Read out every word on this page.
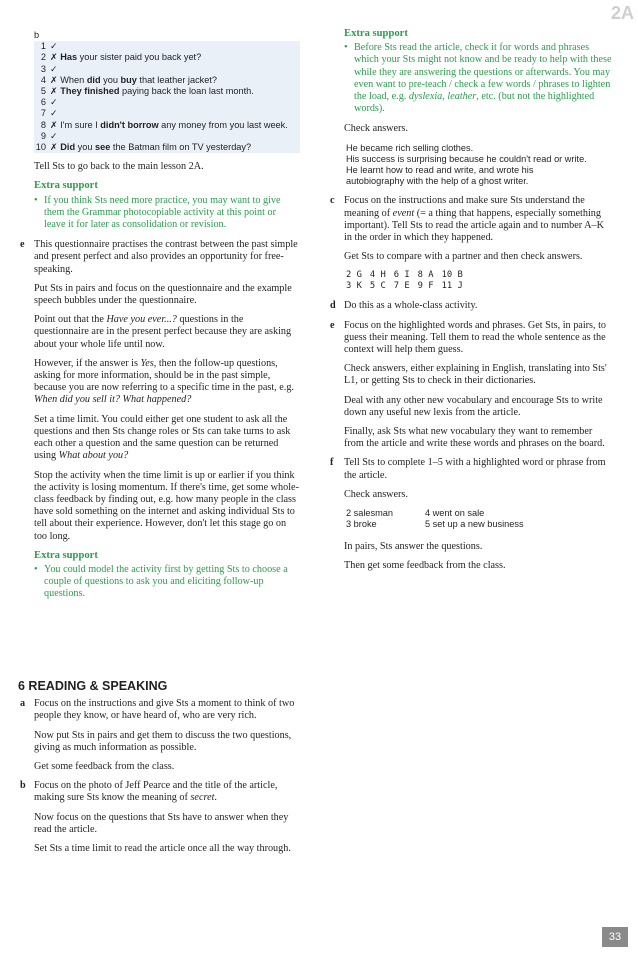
2A
b
1 ✓
2 ✗ Has your sister paid you back yet?
3 ✓
4 ✗ When did you buy that leather jacket?
5 ✗ They finished paying back the loan last month.
6 ✓
7 ✓
8 ✗ I'm sure I didn't borrow any money from you last week.
9 ✓
10 ✗ Did you see the Batman film on TV yesterday?

Tell Sts to go back to the main lesson 2A.

Extra support
• If you think Sts need more practice, you may want to give them the Grammar photocopiable activity at this point or leave it for later as consolidation or revision.
e This questionnaire practises the contrast between the past simple and present perfect and also provides an opportunity for free-speaking.

Put Sts in pairs and focus on the questionnaire and the example speech bubbles under the questionnaire.

Point out that the Have you ever...? questions in the questionnaire are in the present perfect because they are asking about your whole life until now.

However, if the answer is Yes, then the follow-up questions, asking for more information, should be in the past simple, because you are now referring to a specific time in the past, e.g. When did you sell it? What happened?

Set a time limit. You could either get one student to ask all the questions and then Sts change roles or Sts can take turns to ask each other a question and the same question can be returned using What about you?

Stop the activity when the time limit is up or earlier if you think the activity is losing momentum. If there's time, get some whole-class feedback by finding out, e.g. how many people in the class have sold something on the internet and asking individual Sts to tell about their experience. However, don't let this stage go on too long.

Extra support
• You could model the activity first by getting Sts to choose a couple of questions to ask you and eliciting follow-up questions.
6 READING & SPEAKING
a Focus on the instructions and give Sts a moment to think of two people they know, or have heard of, who are very rich.

Now put Sts in pairs and get them to discuss the two questions, giving as much information as possible.

Get some feedback from the class.

b Focus on the photo of Jeff Pearce and the title of the article, making sure Sts know the meaning of secret.

Now focus on the questions that Sts have to answer when they read the article.

Set Sts a time limit to read the article once all the way through.

Extra support
• Before Sts read the article, check it for words and phrases which your Sts might not know and be ready to help with these while they are answering the questions or afterwards. You may even want to pre-teach / check a few words / phrases to lighten the load, e.g. dyslexia, leather, etc. (but not the highlighted words).

Check answers.

He became rich selling clothes.
His success is surprising because he couldn't read or write.
He learnt how to read and write, and wrote his
autobiography with the help of a ghost writer.
c Focus on the instructions and make sure Sts understand the meaning of event (= a thing that happens, especially something important). Tell Sts to read the article again and to number A–K in the order in which they happened.

Get Sts to compare with a partner and then check answers.

2 G	4 H	6 I	8 A	10 B
3 K	5 C	7 E	9 F	11 J
d Do this as a whole-class activity.

e Focus on the highlighted words and phrases. Get Sts, in pairs, to guess their meaning. Tell them to read the whole sentence as the context will help them guess.

Check answers, either explaining in English, translating into Sts' L1, or getting Sts to check in their dictionaries.

Deal with any other new vocabulary and encourage Sts to write down any useful new lexis from the article.

Finally, ask Sts what new vocabulary they want to remember from the article and write these words and phrases on the board.

f Tell Sts to complete 1–5 with a highlighted word or phrase from the article.

Check answers.

2 salesman	4 went on sale
3 broke	5 set up a new business

In pairs, Sts answer the questions.

Then get some feedback from the class.

33
